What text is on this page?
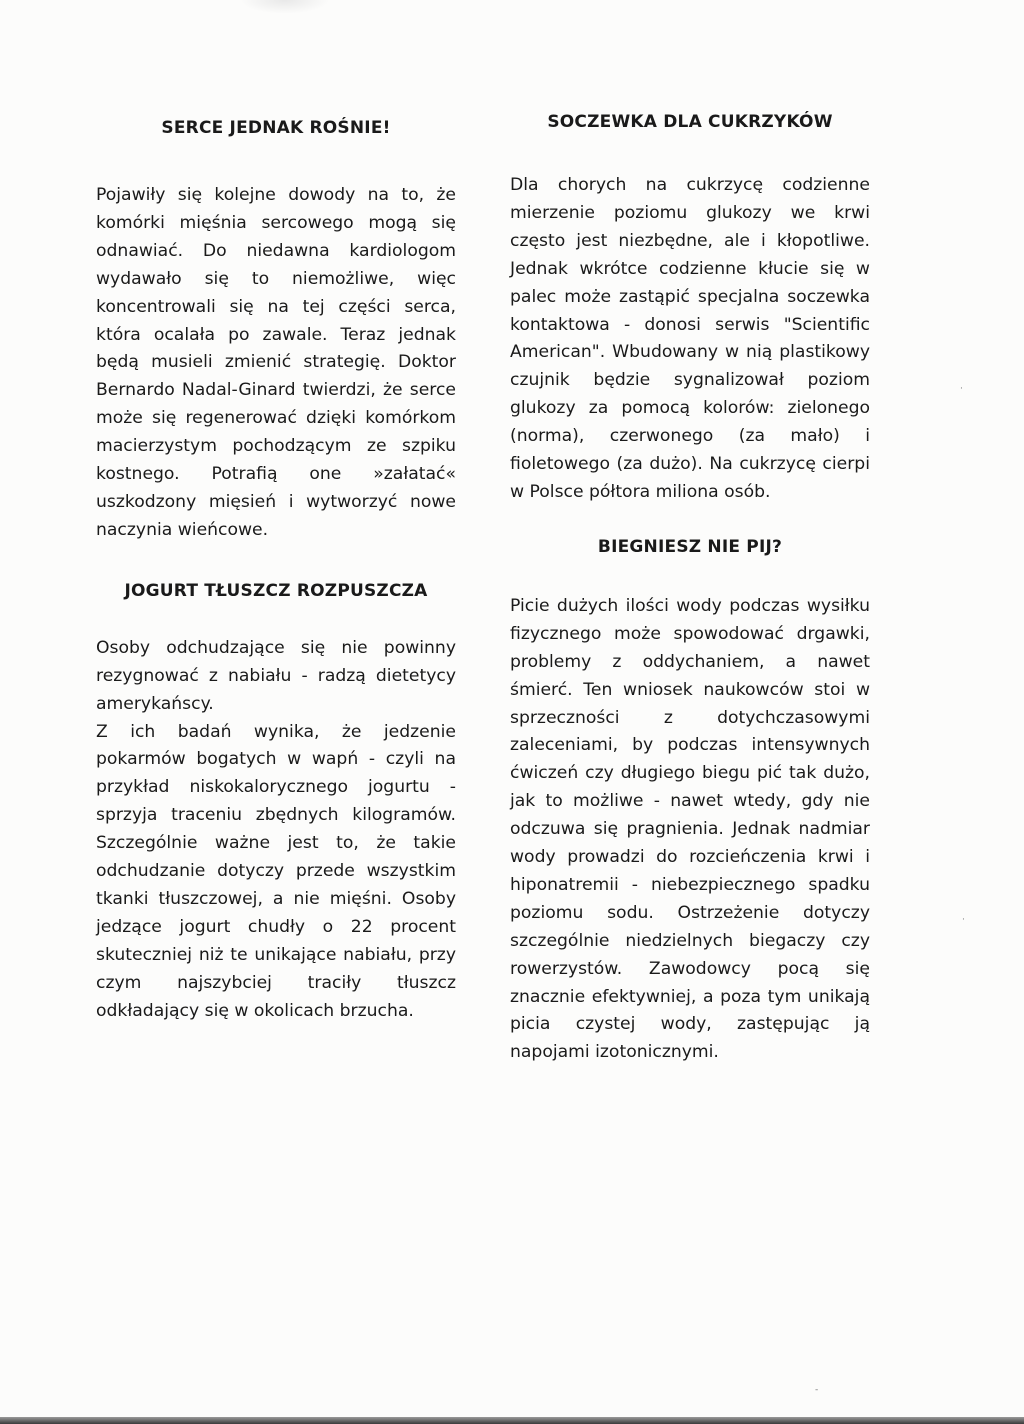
SERCE JEDNAK ROŚNIE!

Pojawiły się kolejne dowody na to, że komórki mięśnia sercowego mogą się odnawiać. Do niedawna kardiologom wydawało się to niemożliwe, więc koncentrowali się na tej części serca, która ocalała po zawale. Teraz jednak będą musieli zmienić strategię. Doktor Bernardo Nadal-Ginard twierdzi, że serce może się regenerować dzięki komórkom macierzystym pochodzącym ze szpiku kostnego. Potrafią one »załatać« uszkodzony mięsień i wytworzyć nowe naczynia wieńcowe.

JOGURT TŁUSZCZ ROZPUSZCZA

Osoby odchudzające się nie powinny rezygnować z nabiału - radzą dietetycy amerykańscy.
Z ich badań wynika, że jedzenie pokarmów bogatych w wapń - czyli na przykład niskokalorycznego jogurtu - sprzyja traceniu zbędnych kilogramów. Szczególnie ważne jest to, że takie odchudzanie dotyczy przede wszystkim tkanki tłuszczowej, a nie mięśni. Osoby jedzące jogurt chudły o 22 procent skuteczniej niż te unikające nabiału, przy czym najszybciej traciły tłuszcz odkładający się w okolicach brzucha.

SOCZEWKA DLA CUKRZYKÓW

Dla chorych na cukrzycę codzienne mierzenie poziomu glukozy we krwi często jest niezbędne, ale i kłopotliwe. Jednak wkrótce codzienne kłucie się w palec może zastąpić specjalna soczewka kontaktowa - donosi serwis "Scientific American". Wbudowany w nią plastikowy czujnik będzie sygnalizował poziom glukozy za pomocą kolorów: zielonego (norma), czerwonego (za mało) i fioletowego (za dużo). Na cukrzycę cierpi w Polsce półtora miliona osób.

BIEGNIESZ NIE PIJ?

Picie dużych ilości wody podczas wysiłku fizycznego może spowodować drgawki, problemy z oddychaniem, a nawet śmierć. Ten wniosek naukowców stoi w sprzeczności z dotychczasowymi zaleceniami, by podczas intensywnych ćwiczeń czy długiego biegu pić tak dużo, jak to możliwe - nawet wtedy, gdy nie odczuwa się pragnienia. Jednak nadmiar wody prowadzi do rozcieńczenia krwi i hiponatremii - niebezpiecznego spadku poziomu sodu. Ostrzeżenie dotyczy szczególnie niedzielnych biegaczy czy rowerzystów. Zawodowcy pocą się znacznie efektywniej, a poza tym unikają picia czystej wody, zastępując ją napojami izotonicznymi.

·
·
-
